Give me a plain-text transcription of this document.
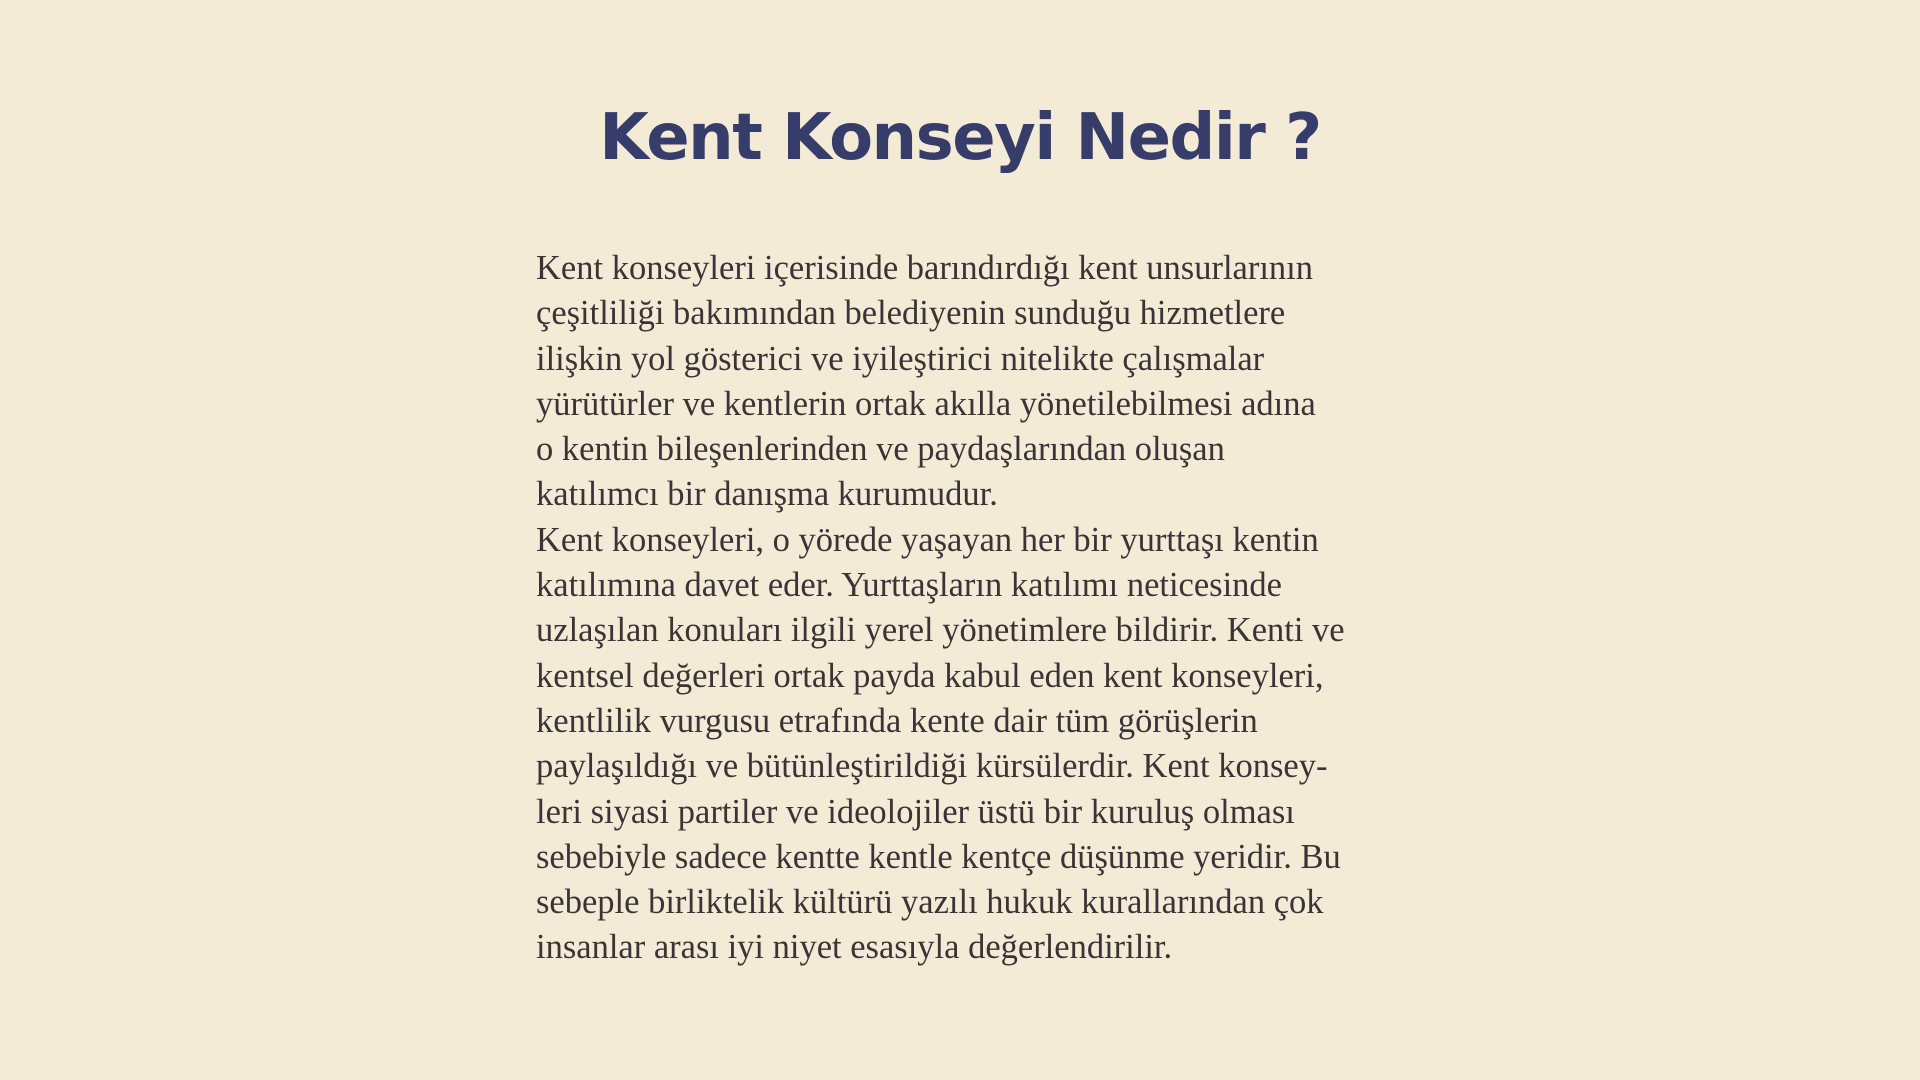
Kent Konseyi Nedir ?
Kent konseyleri içerisinde barındırdığı kent unsurlarının
çeşitliliği bakımından belediyenin sunduğu hizmetlere
ilişkin yol gösterici ve iyileştirici nitelikte çalışmalar
yürütürler ve kentlerin ortak akılla yönetilebilmesi adına
o kentin bileşenlerinden ve paydaşlarından oluşan
katılımcı bir danışma kurumudur.
Kent konseyleri, o yörede yaşayan her bir yurttaşı kentin
katılımına davet eder. Yurttaşların katılımı neticesinde
uzlaşılan konuları ilgili yerel yönetimlere bildirir. Kenti ve
kentsel değerleri ortak payda kabul eden kent konseyleri,
kentlilik vurgusu etrafında kente dair tüm görüşlerin
paylaşıldığı ve bütünleştirildiği kürsülerdir. Kent konsey-
leri siyasi partiler ve ideolojiler üstü bir kuruluş olması
sebebiyle sadece kentte kentle kentçe düşünme yeridir. Bu
sebeple birliktelik kültürü yazılı hukuk kurallarından çok
insanlar arası iyi niyet esasıyla değerlendirilir.
